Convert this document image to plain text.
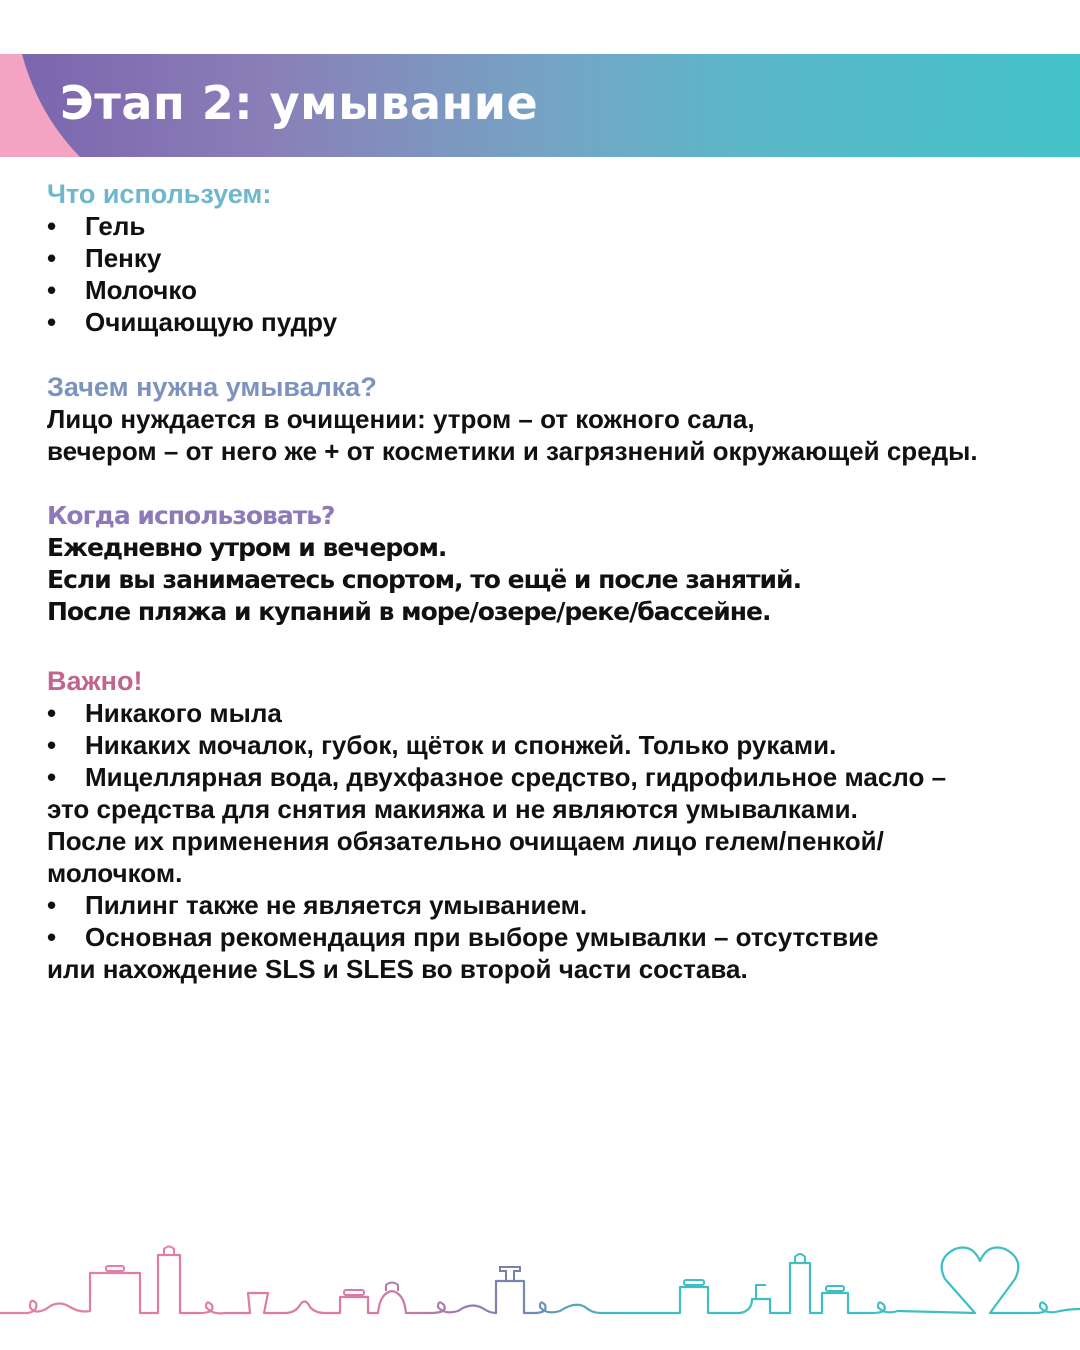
Этап 2: умывание

Что используем:

•	Гель
•	Пенку
•	Молочко
•	Очищающую пудру

Зачем нужна умывалка?

Лицо нуждается в очищении: утром – от кожного сала,

вечером – от него же + от косметики и загрязнений окружающей среды.

Когда использовать?

Ежедневно утром и вечером.

Если вы занимаетесь спортом, то ещё и после занятий.

После пляжа и купаний в море/озере/реке/бассейне.

Важно!

•	Никакого мыла
•	Никаких мочалок, губок, щёток и спонжей. Только руками.
•	Мицеллярная вода, двухфазное средство, гидрофильное масло –

это средства для снятия макияжа и не являются умывалками.

После их применения обязательно очищаем лицо гелем/пенкой/

молочком.

•	Пилинг также не является умыванием.
•	Основная рекомендация при выборе умывалки – отсутствие

или нахождение SLS и SLES во второй части состава.
